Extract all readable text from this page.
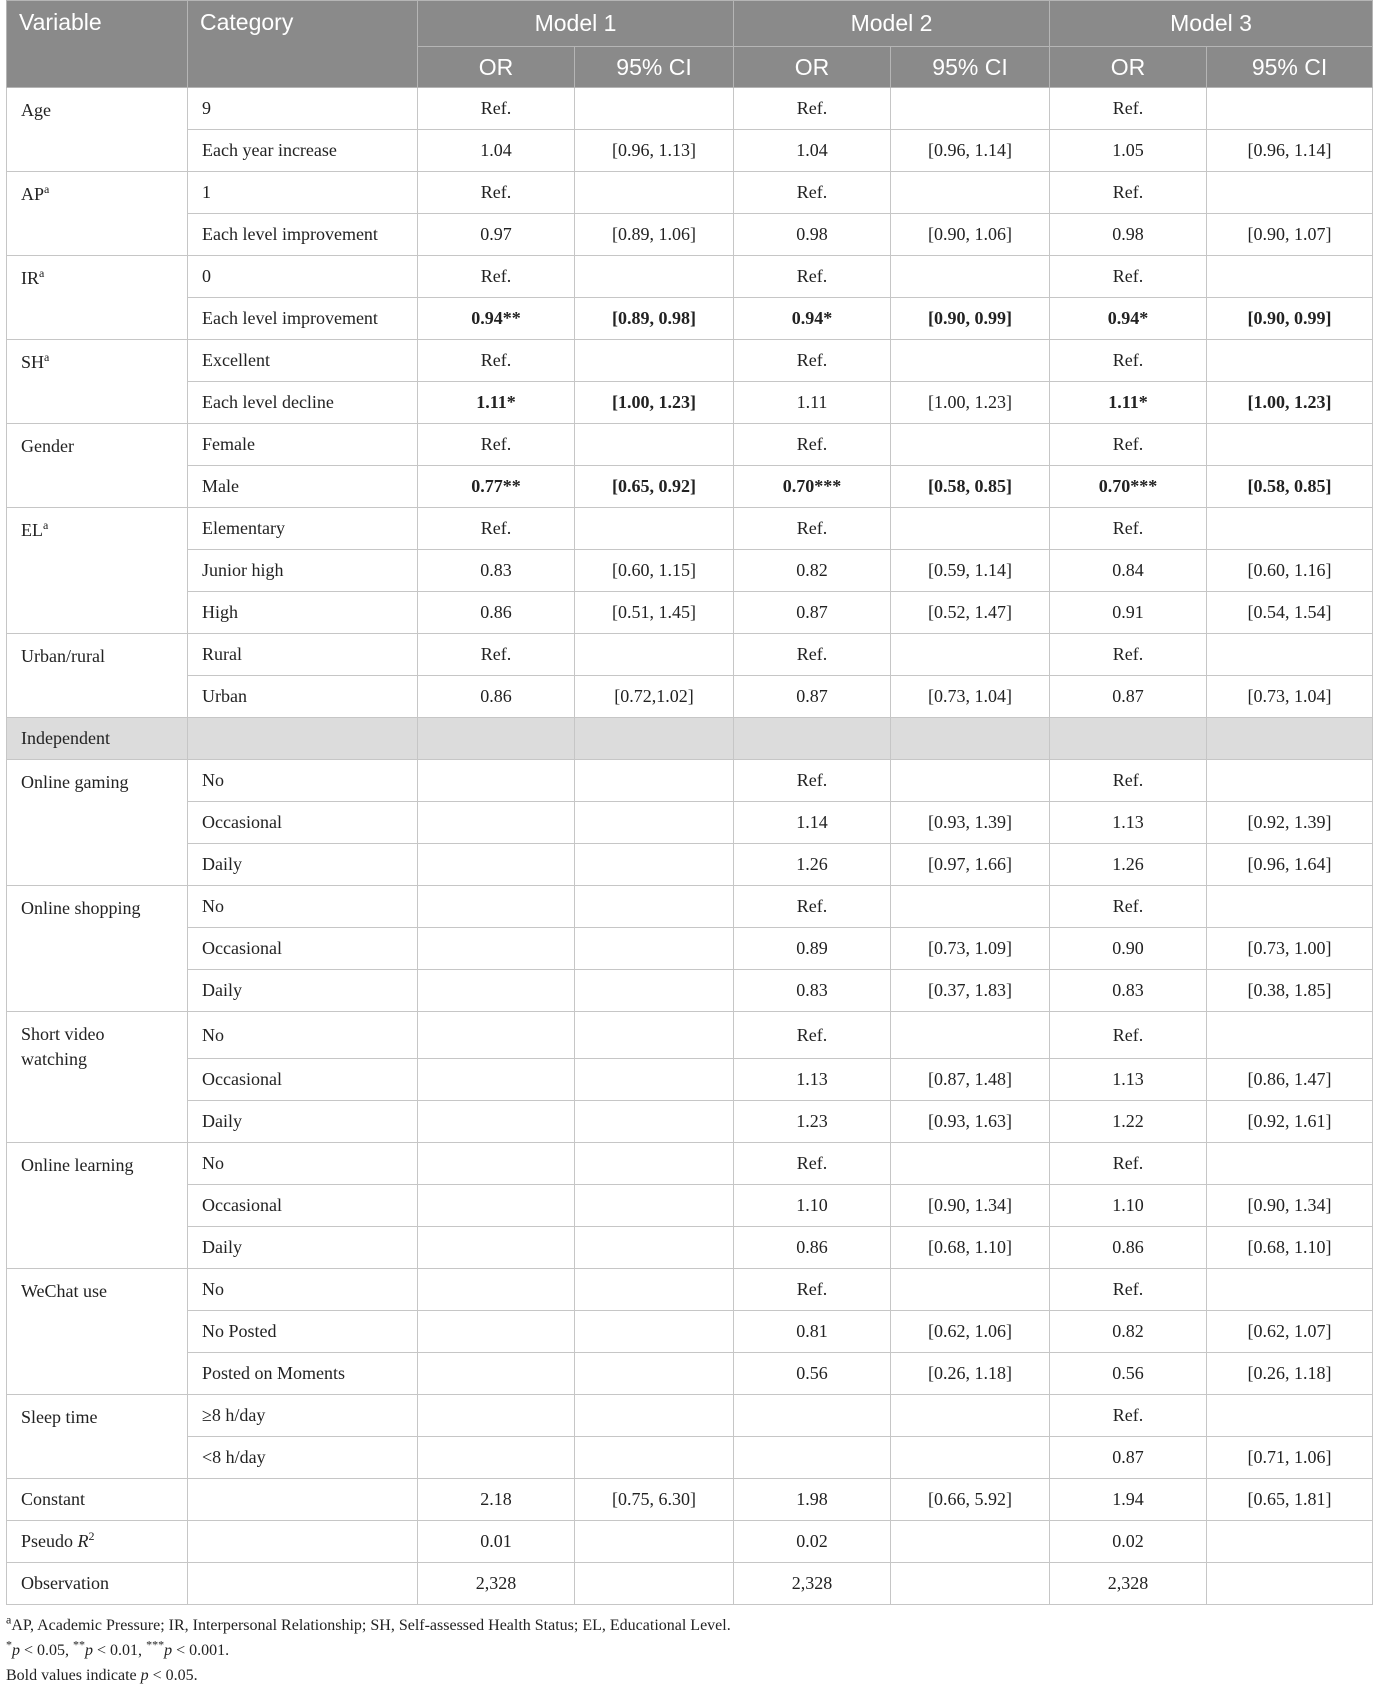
Variable	Category	Model 1		Model 2		Model 3	
		OR	95% CI	OR	95% CI	OR	95% CI
Age	9	Ref.		Ref.		Ref.	
	Each year increase	1.04	[0.96, 1.13]	1.04	[0.96, 1.14]	1.05	[0.96, 1.14]
$AP^a$	1	Ref.		Ref.		Ref.	
	Each level improvement	0.97	[0.89, 1.06]	0.98	[0.90, 1.06]	0.98	[0.90, 1.07]
$IR^a$	0	Ref.		Ref.		Ref.	
	Each level improvement	0.94**	[0.89, 0.98]	0.94*	[0.90, 0.99]	0.94*	[0.90, 0.99]
$SH^a$	Excellent	Ref.		Ref.		Ref.	
	Each level decline	1.11*	[1.00, 1.23]	1.11	[1.00, 1.23]	1.11*	[1.00, 1.23]
Gender	Female	Ref.		Ref.		Ref.	
	Male	0.77**	[0.65, 0.92]	0.70***	[0.58, 0.85]	0.70***	[0.58, 0.85]
$EL^a$	Elementary	Ref.		Ref.		Ref.	
	Junior high	0.83	[0.60, 1.15]	0.82	[0.59, 1.14]	0.84	[0.60, 1.16]
	High	0.86	[0.51, 1.45]	0.87	[0.52, 1.47]	0.91	[0.54, 1.54]
Urban/rural	Rural	Ref.		Ref.		Ref.	
	Urban	0.86	[0.72,1.02]	0.87	[0.73, 1.04]	0.87	[0.73, 1.04]
Independent							
Online gaming	No			Ref.		Ref.	
	Occasional			1.14	[0.93, 1.39]	1.13	[0.92, 1.39]
	Daily			1.26	[0.97, 1.66]	1.26	[0.96, 1.64]
Online shopping	No			Ref.		Ref.	
	Occasional			0.89	[0.73, 1.09]	0.90	[0.73, 1.00]
	Daily			0.83	[0.37, 1.83]	0.83	[0.38, 1.85]
Short video watching	No			Ref.		Ref.	
	Occasional			1.13	[0.87, 1.48]	1.13	[0.86, 1.47]
	Daily			1.23	[0.93, 1.63]	1.22	[0.92, 1.61]
Online learning	No			Ref.		Ref.	
	Occasional			1.10	[0.90, 1.34]	1.10	[0.90, 1.34]
	Daily			0.86	[0.68, 1.10]	0.86	[0.68, 1.10]
WeChat use	No			Ref.		Ref.	
	No Posted			0.81	[0.62, 1.06]	0.82	[0.62, 1.07]
	Posted on Moments			0.56	[0.26, 1.18]	0.56	[0.26, 1.18]
Sleep time	≥8 h/day					Ref.	
	<8 h/day					0.87	[0.71, 1.06]
Constant		2.18	[0.75, 6.30]	1.98	[0.66, 5.92]	1.94	[0.65, 1.81]
Pseudo $R^2$		0.01		0.02		0.02	
Observation		2,328		2,328		2,328	

$^a$AP, Academic Pressure; IR, Interpersonal Relationship; SH, Self-assessed Health Status; EL, Educational Level.

*p < 0.05, **p < 0.01, ***p < 0.001.

Bold values indicate p < 0.05.
